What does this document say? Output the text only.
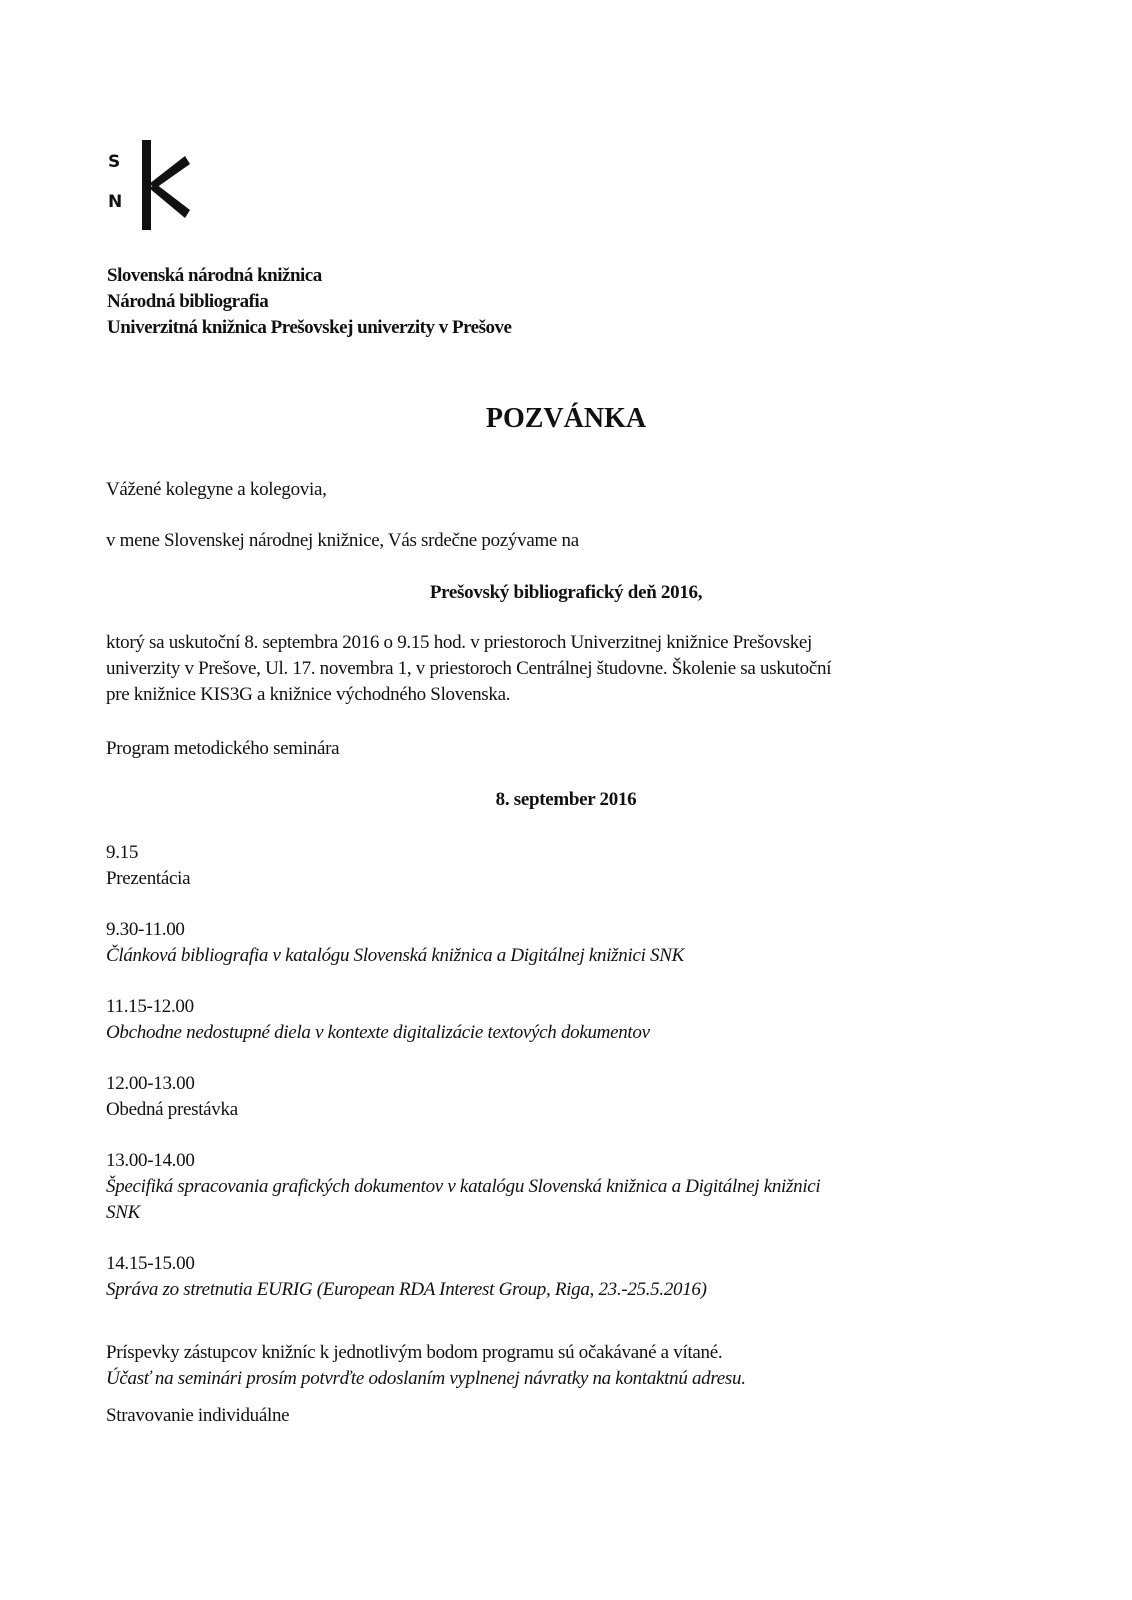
S
N
Slovenská národná knižnica
Národná bibliografia
Univerzitná knižnica Prešovskej univerzity v Prešove
POZVÁNKA
Vážené kolegyne a kolegovia,
v mene Slovenskej národnej knižnice, Vás srdečne pozývame na
Prešovský bibliografický deň 2016,
ktorý sa uskutoční 8. septembra 2016 o 9.15 hod. v priestoroch Univerzitnej knižnice Prešovskej
univerzity v Prešove, Ul. 17. novembra 1, v priestoroch Centrálnej študovne. Školenie sa uskutoční
pre knižnice KIS3G a knižnice východného Slovenska.
Program metodického seminára
8. september 2016
9.15
Prezentácia
9.30-11.00
Článková bibliografia v katalógu Slovenská knižnica a Digitálnej knižnici SNK
11.15-12.00
Obchodne nedostupné diela v kontexte digitalizácie textových dokumentov
12.00-13.00
Obedná prestávka
13.00-14.00
Špecifiká spracovania grafických dokumentov v katalógu Slovenská knižnica a Digitálnej knižnici
SNK
14.15-15.00
Správa zo stretnutia EURIG (European RDA Interest Group, Riga, 23.-25.5.2016)
Príspevky zástupcov knižníc k jednotlivým bodom programu sú očakávané a vítané.
Účasť na seminári prosím potvrďte odoslaním vyplnenej návratky na kontaktnú adresu.
Stravovanie individuálne
